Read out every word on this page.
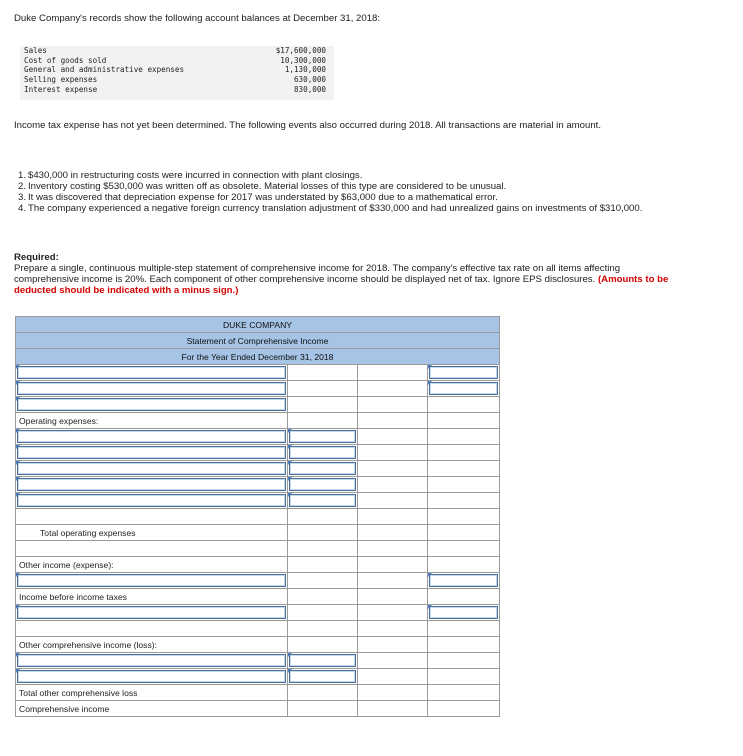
Duke Company's records show the following account balances at December 31, 2018:

Sales	$17,600,000
Cost of goods sold	10,300,000
General and administrative expenses	1,130,000
Selling expenses	630,000
Interest expense	830,000

Income tax expense has not yet been determined. The following events also occurred during 2018. All transactions are material in amount.

1. $430,000 in restructuring costs were incurred in connection with plant closings.
2. Inventory costing $530,000 was written off as obsolete. Material losses of this type are considered to be unusual.
3. It was discovered that depreciation expense for 2017 was understated by $63,000 due to a mathematical error.
4. The company experienced a negative foreign currency translation adjustment of $330,000 and had unrealized gains on investments of $310,000.

Required:
Prepare a single, continuous multiple-step statement of comprehensive income for 2018. The company's effective tax rate on all items affecting comprehensive income is 20%. Each component of other comprehensive income should be displayed net of tax. Ignore EPS disclosures. (Amounts to be deducted should be indicated with a minus sign.)

DUKE COMPANY			
Statement of Comprehensive Income			
For the Year Ended December 31, 2018			

Operating expenses:			

Total operating expenses			

Other income (expense):			

Income before income taxes			

Other comprehensive income (loss):			

Total other comprehensive loss			
Comprehensive income			
